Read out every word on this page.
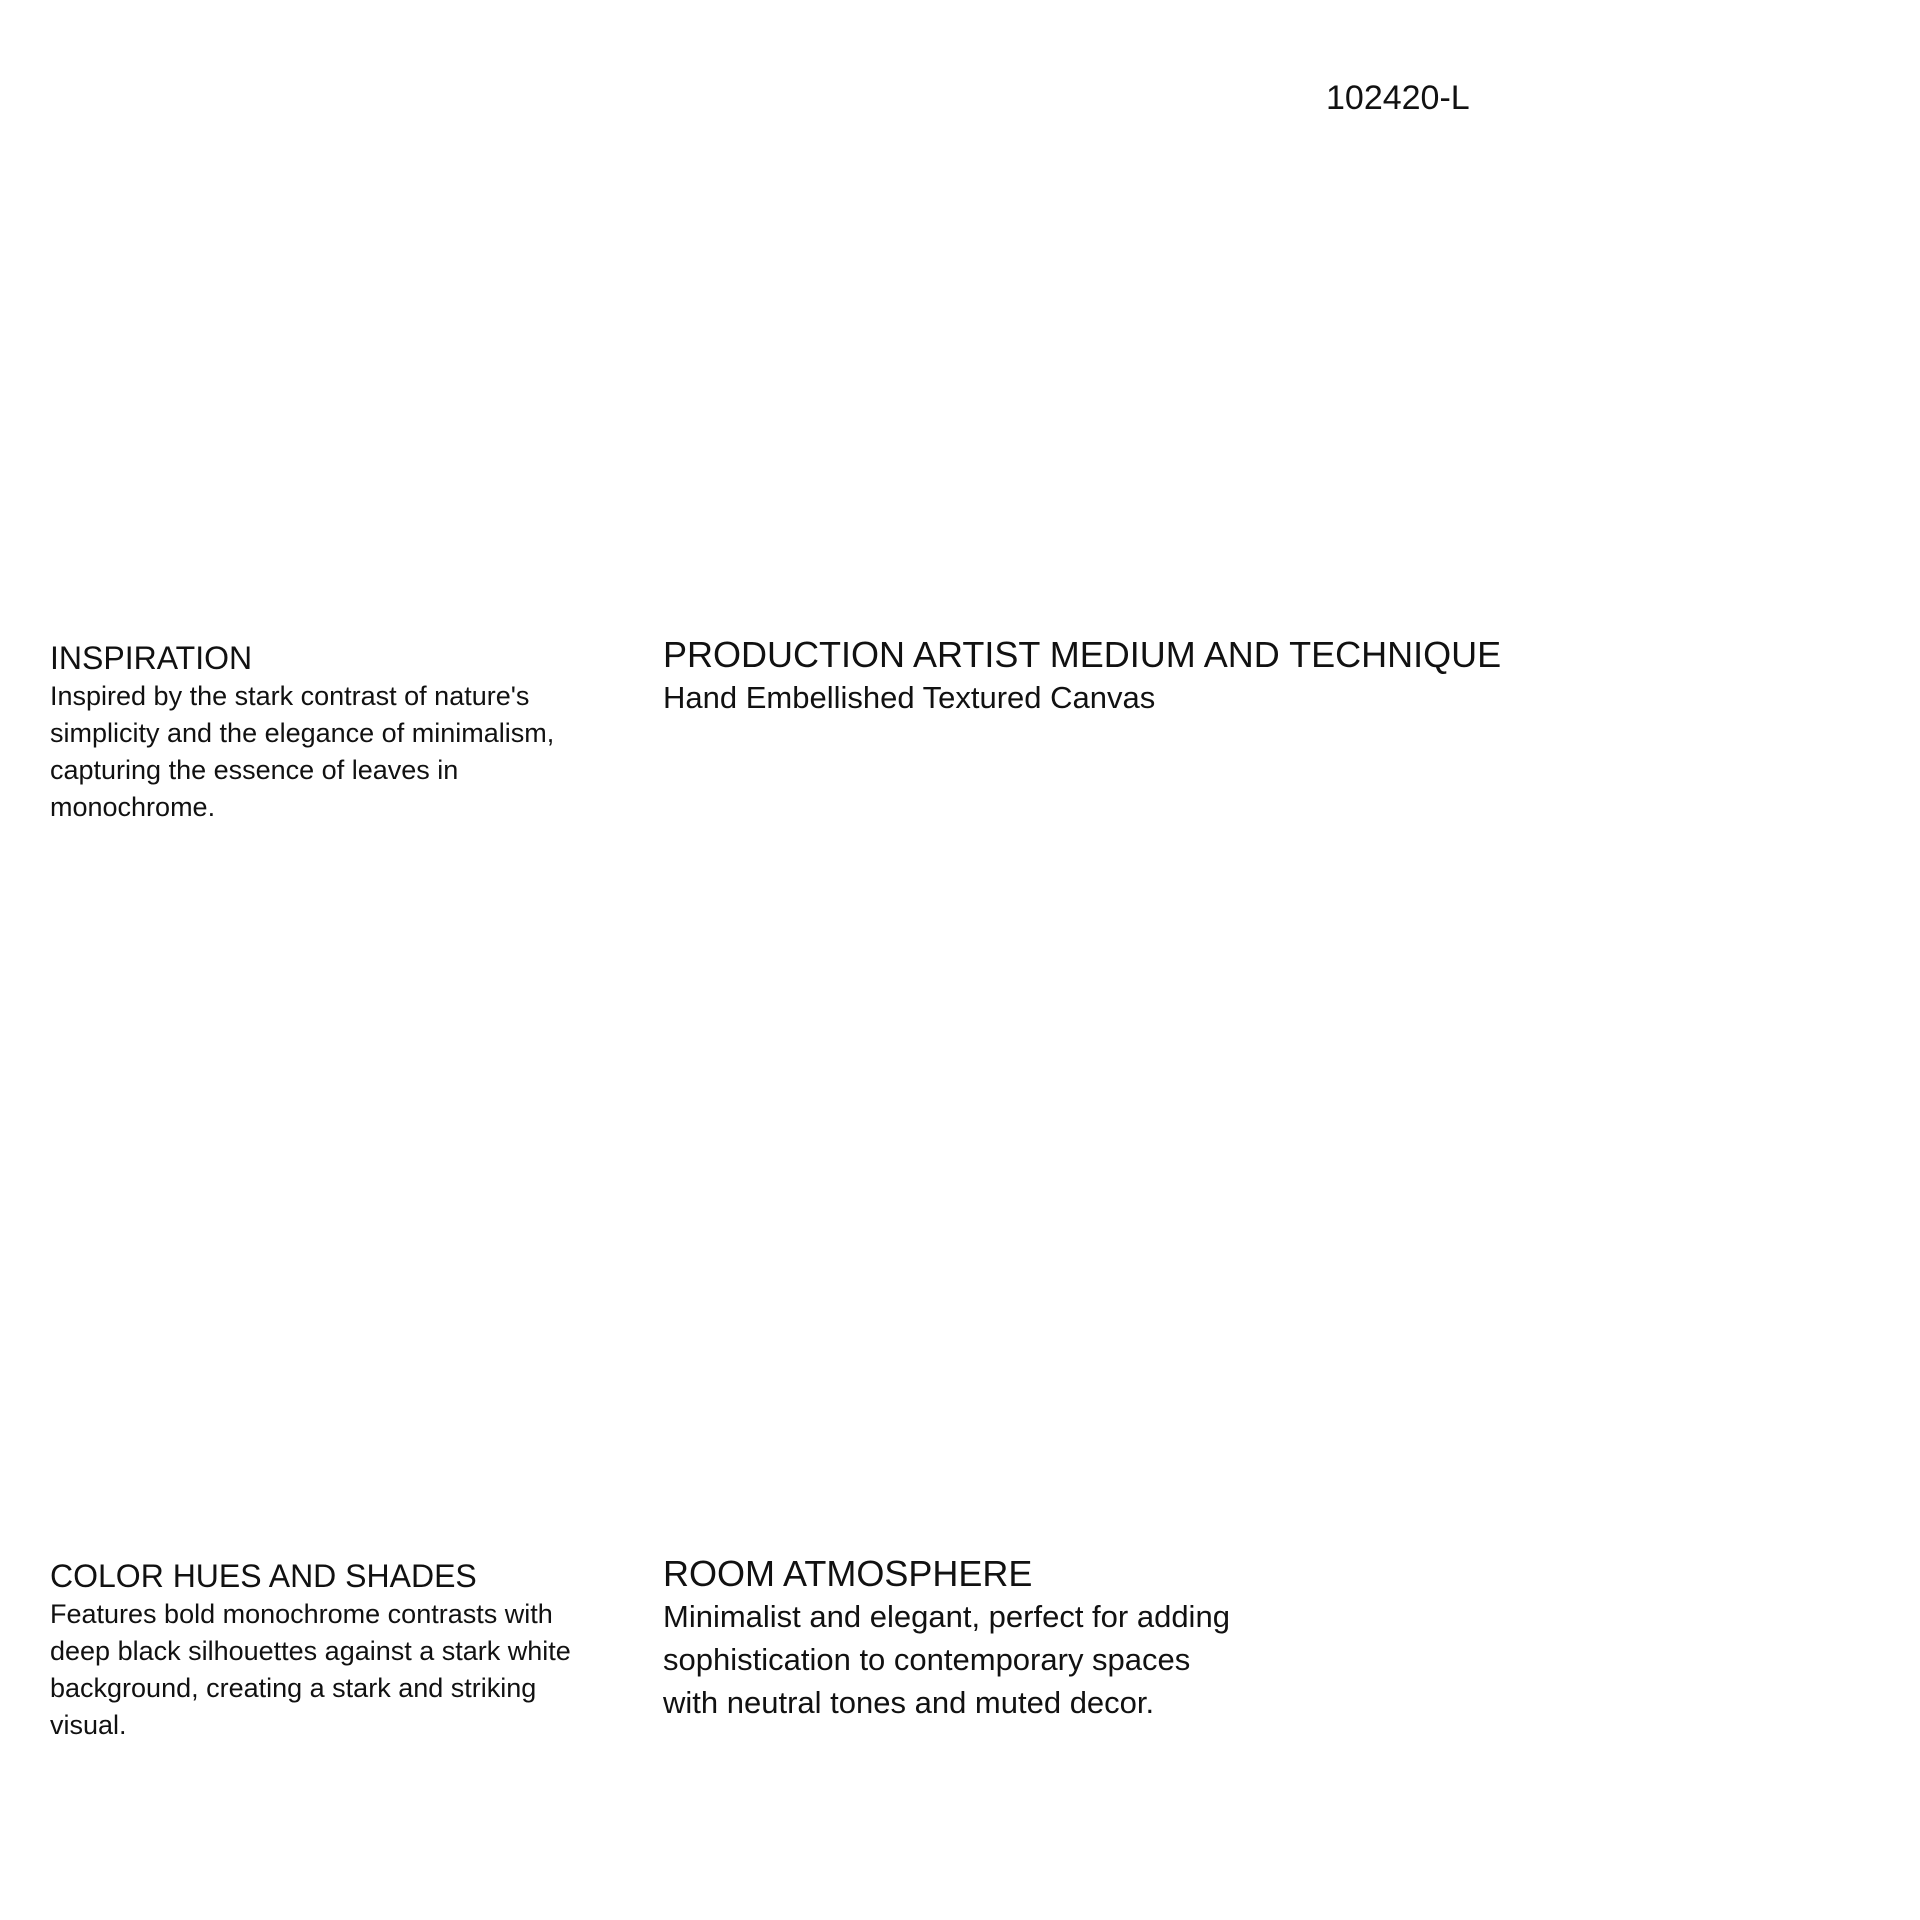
102420-L
INSPIRATION

Inspired by the stark contrast of nature's simplicity and the elegance of minimalism, capturing the essence of leaves in monochrome.

PRODUCTION ARTIST MEDIUM AND TECHNIQUE

Hand Embellished Textured Canvas

COLOR HUES AND SHADES

Features bold monochrome contrasts with deep black silhouettes against a stark white background, creating a stark and striking visual.

ROOM ATMOSPHERE

Minimalist and elegant, perfect for adding sophistication to contemporary spaces with neutral tones and muted decor.
